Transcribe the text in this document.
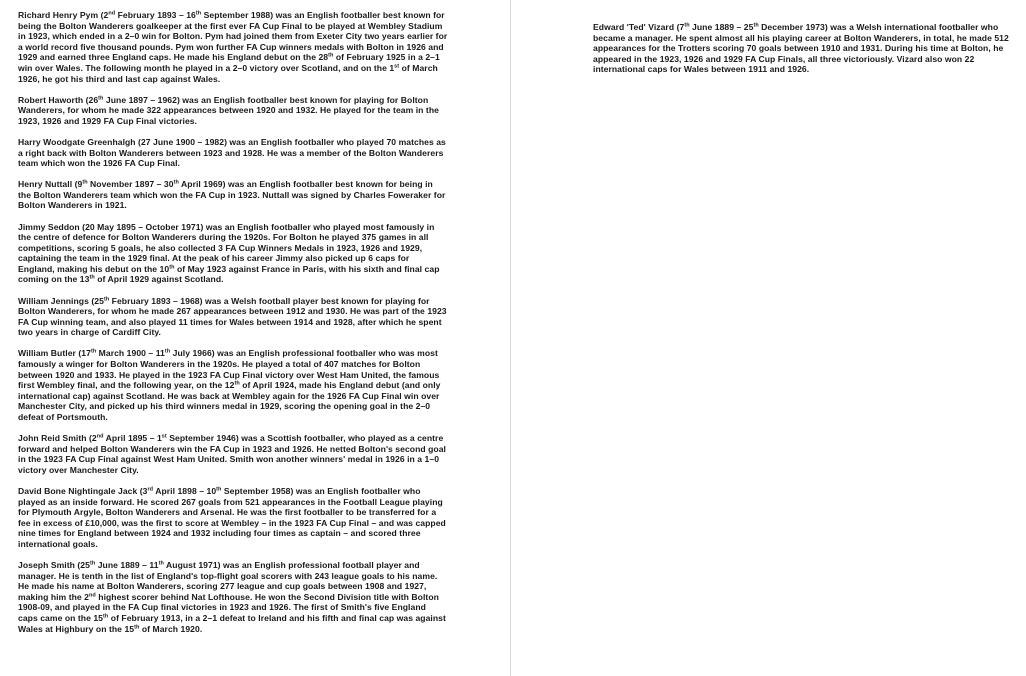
Richard Henry Pym (2nd February 1893 – 16th September 1988) was an English footballer best known for being the Bolton Wanderers goalkeeper at the first ever FA Cup Final to be played at Wembley Stadium in 1923, which ended in a 2–0 win for Bolton. Pym had joined them from Exeter City two years earlier for a world record five thousand pounds. Pym won further FA Cup winners medals with Bolton in 1926 and 1929 and earned three England caps. He made his England debut on the 28th of February 1925 in a 2–1 win over Wales. The following month he played in a 2–0 victory over Scotland, and on the 1st of March 1926, he got his third and last cap against Wales.

Robert Haworth (26th June 1897 – 1962) was an English footballer best known for playing for Bolton Wanderers, for whom he made 322 appearances between 1920 and 1932. He played for the team in the 1923, 1926 and 1929 FA Cup Final victories.

Harry Woodgate Greenhalgh (27 June 1900 – 1982) was an English footballer who played 70 matches as a right back with Bolton Wanderers between 1923 and 1928. He was a member of the Bolton Wanderers team which won the 1926 FA Cup Final.

Henry Nuttall (9th November 1897 – 30th April 1969) was an English footballer best known for being in the Bolton Wanderers team which won the FA Cup in 1923. Nuttall was signed by Charles Foweraker for Bolton Wanderers in 1921.

Jimmy Seddon (20 May 1895 – October 1971) was an English footballer who played most famously in the centre of defence for Bolton Wanderers during the 1920s. For Bolton he played 375 games in all competitions, scoring 5 goals, he also collected 3 FA Cup Winners Medals in 1923, 1926 and 1929, captaining the team in the 1929 final. At the peak of his career Jimmy also picked up 6 caps for England, making his debut on the 10th of May 1923 against France in Paris, with his sixth and final cap coming on the 13th of April 1929 against Scotland.

William Jennings (25th February 1893 – 1968) was a Welsh football player best known for playing for Bolton Wanderers, for whom he made 267 appearances between 1912 and 1930. He was part of the 1923 FA Cup winning team, and also played 11 times for Wales between 1914 and 1928, after which he spent two years in charge of Cardiff City.

William Butler (17th March 1900 – 11th July 1966) was an English professional footballer who was most famously a winger for Bolton Wanderers in the 1920s. He played a total of 407 matches for Bolton between 1920 and 1933. He played in the 1923 FA Cup Final victory over West Ham United, the famous first Wembley final, and the following year, on the 12th of April 1924, made his England debut (and only international cap) against Scotland. He was back at Wembley again for the 1926 FA Cup Final win over Manchester City, and picked up his third winners medal in 1929, scoring the opening goal in the 2–0 defeat of Portsmouth.

John Reid Smith (2nd April 1895 – 1st September 1946) was a Scottish footballer, who played as a centre forward and helped Bolton Wanderers win the FA Cup in 1923 and 1926. He netted Bolton's second goal in the 1923 FA Cup Final against West Ham United. Smith won another winners' medal in 1926 in a 1–0 victory over Manchester City.

David Bone Nightingale Jack (3rd April 1898 – 10th September 1958) was an English footballer who played as an inside forward. He scored 267 goals from 521 appearances in the Football League playing for Plymouth Argyle, Bolton Wanderers and Arsenal. He was the first footballer to be transferred for a fee in excess of £10,000, was the first to score at Wembley – in the 1923 FA Cup Final – and was capped nine times for England between 1924 and 1932 including four times as captain – and scored three international goals.

Joseph Smith (25th June 1889 – 11th August 1971) was an English professional football player and manager. He is tenth in the list of England's top-flight goal scorers with 243 league goals to his name. He made his name at Bolton Wanderers, scoring 277 league and cup goals between 1908 and 1927, making him the 2nd highest scorer behind Nat Lofthouse. He won the Second Division title with Bolton 1908-09, and played in the FA Cup final victories in 1923 and 1926. The first of Smith's five England caps came on the 15th of February 1913, in a 2–1 defeat to Ireland and his fifth and final cap was against Wales at Highbury on the 15th of March 1920.

Edward 'Ted' Vizard (7th June 1889 – 25th December 1973) was a Welsh international footballer who became a manager. He spent almost all his playing career at Bolton Wanderers, in total, he made 512 appearances for the Trotters scoring 70 goals between 1910 and 1931. During his time at Bolton, he appeared in the 1923, 1926 and 1929 FA Cup Finals, all three victoriously. Vizard also won 22 international caps for Wales between 1911 and 1926.
